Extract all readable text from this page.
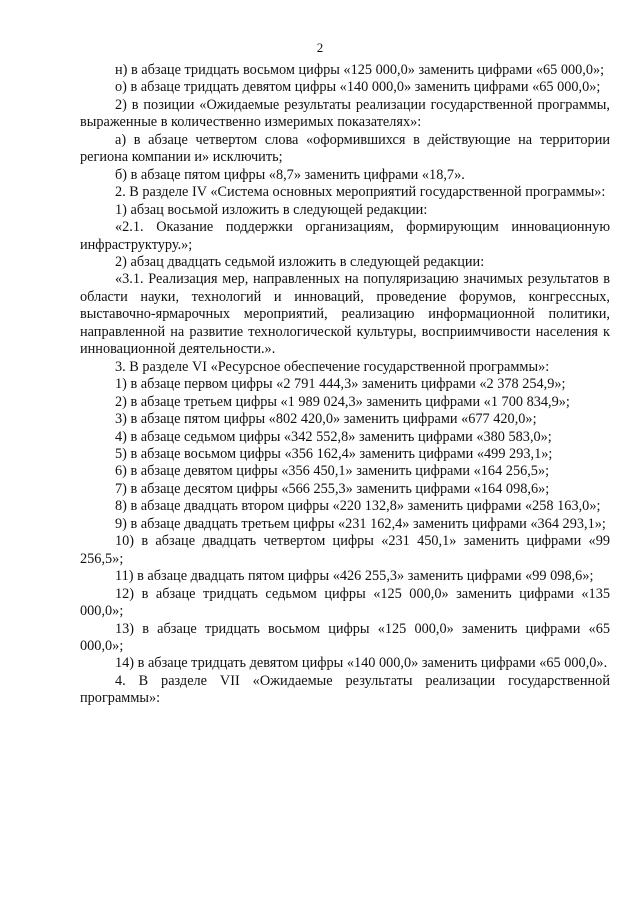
2

н) в абзаце тридцать восьмом цифры «125 000,0» заменить цифрами «65 000,0»;

о) в абзаце тридцать девятом цифры «140 000,0» заменить цифрами «65 000,0»;

2) в позиции «Ожидаемые результаты реализации государственной программы, выраженные в количественно измеримых показателях»:

а) в абзаце четвертом слова «оформившихся в действующие на территории региона компании и» исключить;

б) в абзаце пятом цифры «8,7» заменить цифрами «18,7».

2. В разделе IV «Система основных мероприятий государственной программы»:

1) абзац восьмой изложить в следующей редакции:

«2.1. Оказание поддержки организациям, формирующим инновационную инфраструктуру.»;

2) абзац двадцать седьмой изложить в следующей редакции:

«3.1. Реализация мер, направленных на популяризацию значимых результатов в области науки, технологий и инноваций, проведение форумов, конгрессных, выставочно-ярмарочных мероприятий, реализацию информационной политики, направленной на развитие технологической культуры, восприимчивости населения к инновационной деятельности.».

3. В разделе VI «Ресурсное обеспечение государственной программы»:

1) в абзаце первом цифры «2 791 444,3» заменить цифрами «2 378 254,9»;

2) в абзаце третьем цифры «1 989 024,3» заменить цифрами «1 700 834,9»;

3) в абзаце пятом цифры «802 420,0» заменить цифрами «677 420,0»;

4) в абзаце седьмом цифры «342 552,8» заменить цифрами «380 583,0»;

5) в абзаце восьмом цифры «356 162,4» заменить цифрами «499 293,1»;

6) в абзаце девятом цифры «356 450,1» заменить цифрами «164 256,5»;

7) в абзаце десятом цифры «566 255,3» заменить цифрами «164 098,6»;

8) в абзаце двадцать втором цифры «220 132,8» заменить цифрами «258 163,0»;

9) в абзаце двадцать третьем цифры «231 162,4» заменить цифрами «364 293,1»;

10) в абзаце двадцать четвертом цифры «231 450,1» заменить цифрами «99 256,5»;

11) в абзаце двадцать пятом цифры «426 255,3» заменить цифрами «99 098,6»;

12) в абзаце тридцать седьмом цифры «125 000,0» заменить цифрами «135 000,0»;

13) в абзаце тридцать восьмом цифры «125 000,0» заменить цифрами «65 000,0»;

14) в абзаце тридцать девятом цифры «140 000,0» заменить цифрами «65 000,0».

4. В разделе VII «Ожидаемые результаты реализации государственной программы»:
